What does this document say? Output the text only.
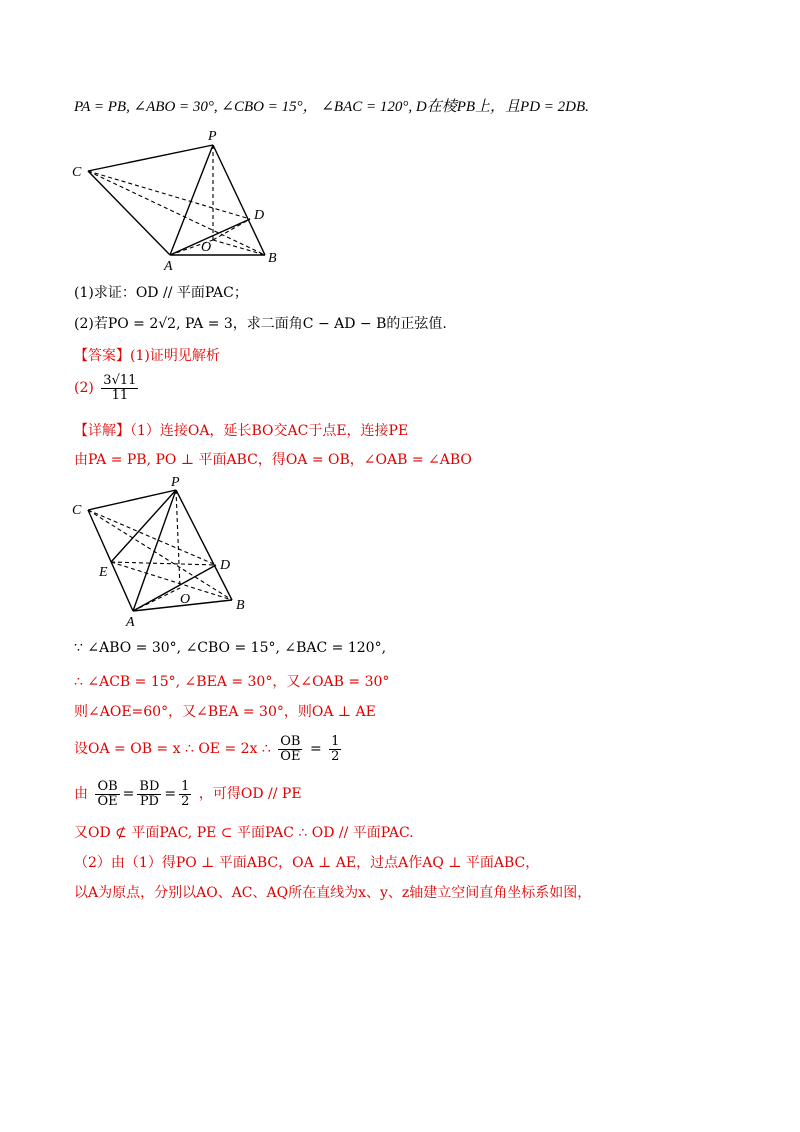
PA = PB, ∠ABO = 30°, ∠CBO = 15°， ∠BAC = 120°, D在棱PB上，且PD = 2DB.
P
C
D
O
A
B
(1)求证：OD // 平面PAC；
(2)若PO = 2√2, PA = 3，求二面角C − AD − B的正弦值.
【答案】(1)证明见解析
$(2) \frac{3√11}{11}$
【详解】（1）连接OA，延长BO交AC于点E，连接PE
由PA = PB, PO ⊥ 平面ABC，得OA = OB，∠OAB = ∠ABO
P
C
E	D
O
A
B
∵ ∠ABO = 30°, ∠CBO = 15°, ∠BAC = 120°,
∴ ∠ACB = 15°, ∠BEA = 30°，又∠OAB = 30°
则∠AOE=60°，又∠BEA = 30°，则OA ⊥ AE
设OA = OB = x ∴ OE = 2x ∴ $\frac{OB}{OE} = \frac{1}{2}$
由 $\frac{OB}{OE} = \frac{BD}{PD} = \frac{1}{2}$ ，可得OD // PE
又OD ⊄ 平面PAC, PE ⊂ 平面PAC ∴ OD // 平面PAC.
（2）由（1）得PO ⊥ 平面ABC，OA ⊥ AE，过点A作AQ ⊥ 平面ABC，
以A为原点，分别以AO、AC、AQ所在直线为x、y、z轴建立空间直角坐标系如图，
